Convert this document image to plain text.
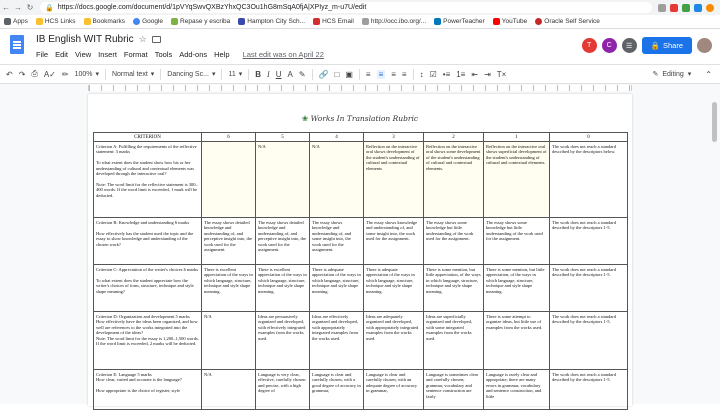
← → ↻	🔒 https://docs.google.com/document/d/1pVYqSwvQXBzYhxQC3Ou1hG8mSqA0fjA|XPIyz_m-u7U/edit
Apps	HCS Links	Bookmarks	Google	Repase y escriba	Hampton City Sch...	HCS Email	http://occ.ibo.org/...	PowerTeacher	YouTube	Oracle Self Service
IB English WIT Rubric ☆
File Edit View Insert Format Tools Add-ons Help Last edit was on April 22
T	C	☰	🔒 Share
↶ ↷ ⎙ A✓ ✏ 100% ▾ Normal text ▾ Dancing Sc... ▾ 11 ▾ B I U A ✎ 🔗 □ ▣ ≡ ≡ ≡ ≡ ↕ ☑ •≡ 1≡ ⇤ ⇥ T×	✎ Editing ▾ ⌃
❀ Works In Translation Rubric
CRITERION	6	5	4	3	2	1	0
Criterion A: Fulfilling the requirements of the reflective statement: 3 marks

To what extent does the student show how his or her understanding of cultural and contextual elements was developed through the interactive oral?

Note: The word limit for the reflective statement is 300–400 words. If the word limit is exceeded, 1 mark will be deducted.		N/A	N/A	Reflection on the interactive oral shows development of the student's understanding of cultural and contextual elements	Reflection on the interactive oral shows some development of the student's understanding of cultural and contextual elements.	Reflection on the interactive oral shows superficial development of the student's understanding of cultural and contextual elements.	The work does not reach a standard described by the descriptors below.
Criterion B: Knowledge and understanding 6 marks

How effectively has the student used the topic and the essay to show knowledge and understanding of the chosen work?	The essay shows detailed knowledge and understanding of, and perceptive insight into, the work used for the assignment.	The essay shows detailed knowledge and understanding of, and perceptive insight into, the work used for the assignment.	The essay shows knowledge and understanding of, and some insight into, the work used for the assignment.	The essay shows knowledge and understanding of, and some insight into, the work used for the assignment.	The essay shows some knowledge but little understanding of the work used for the assignment.	The essay shows some knowledge but little understanding of the work used for the assignment.	The work does not reach a standard described by the descriptors 1-5.
Criterion C: Appreciation of the writer's choices 6 marks

To what extent does the student appreciate how the writer's choices of form, structure, technique and style shape meaning?	There is excellent appreciation of the ways in which language, structure, technique and style shape meaning.	There is excellent appreciation of the ways in which language, structure, technique and style shape meaning.	There is adequate appreciation of the ways in which language, structure, technique and style shape meaning.	There is adequate appreciation of the ways in which language, structure, technique and style shape meaning.	There is some mention, but little appreciation, of the ways in which language, structure, technique and style shape meaning.	There is some mention, but little appreciation, of the ways in which language, structure, technique and style shape meaning.	The work does not reach a standard described by the descriptors 1-5.
Criterion D: Organization and development 5 marks
How effectively have the ideas been organized, and how well are references to the works integrated into the development of the ideas?
Note: The word limit for the essay is 1,200–1,500 words. If the word limit is exceeded, 2 marks will be deducted.	N/A	Ideas are persuasively organized and developed, with effectively integrated examples from the works used.	Ideas are effectively organized and developed, with appropriately integrated examples from the works used.	Ideas are adequately organized and developed, with appropriately integrated examples from the works used.	Ideas are superficially organized and developed, with some integrated examples from the works used.	There is some attempt to organize ideas, but little use of examples from the works used.	The work does not reach a standard described by the descriptors 1-5.
Criterion E: Language 5 marks
How clear, varied and accurate is the language?

How appropriate is the choice of register, style	N/A	Language is very clear, effective, carefully chosen and precise, with a high degree of	Language is clear and carefully chosen, with a good degree of accuracy in grammar,	Language is clear and carefully chosen, with an adequate degree of accuracy in grammar,	Language is sometimes clear and carefully chosen; grammar, vocabulary and sentence construction are fairly	Language is rarely clear and appropriate; there are many errors in grammar, vocabulary and sentence construction, and little	The work does not reach a standard described by the descriptors 1-5.
